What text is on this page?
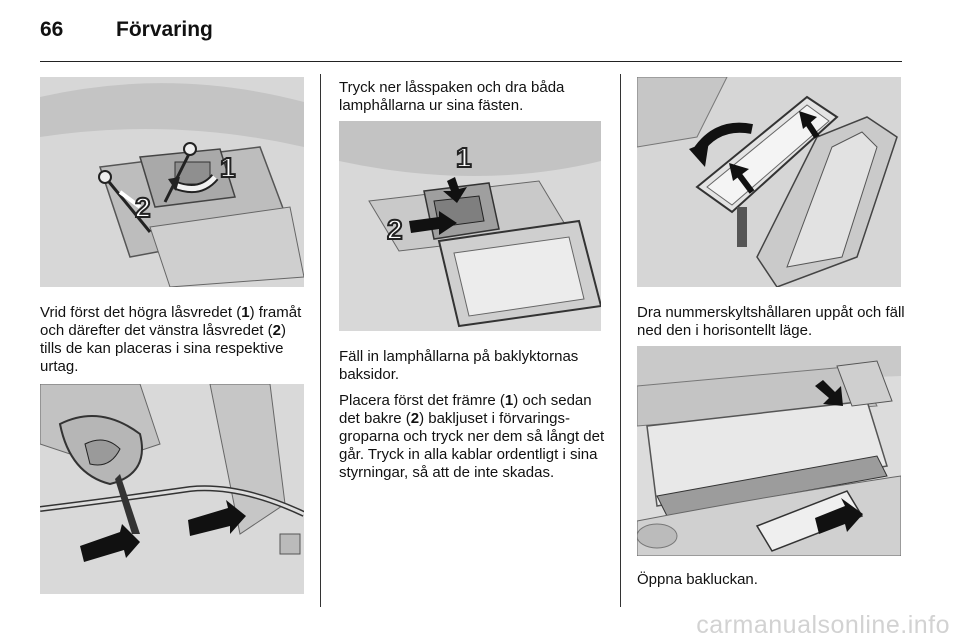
66	Förvaring
1
2

Vrid först det högra låsvredet (1) framåt och därefter det vänstra låsvredet (2) tills de kan placeras i sina respektive urtag.

Tryck ner låsspaken och dra båda lamphållarna ur sina fästen.

1
2

Fäll in lamphållarna på baklyktornas baksidor.

Placera först det främre (1) och sedan det bakre (2) bakljuset i förvaringsgroparna och tryck ner dem så långt det går. Tryck in alla kablar ordentligt i sina styrningar, så att de inte skadas.

Dra nummerskyltshållaren uppåt och fäll ned den i horisontellt läge.

Öppna bakluckan.

carmanualsonline.info
